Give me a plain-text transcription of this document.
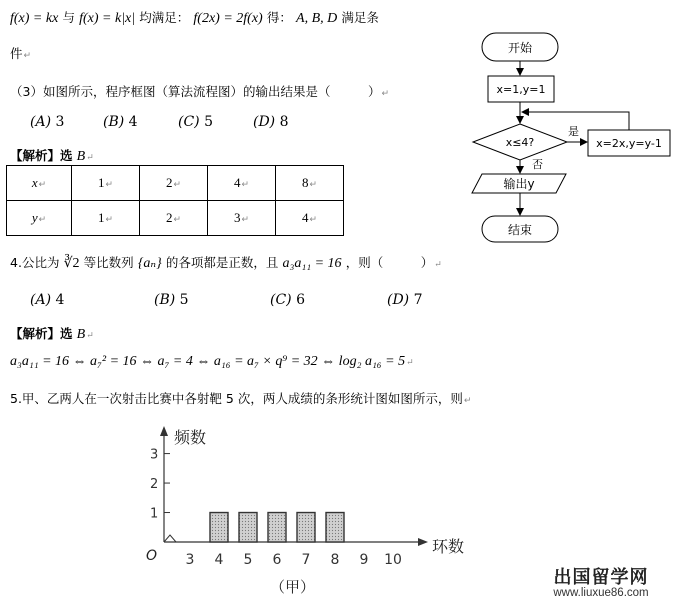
f(x) = kx 与 f(x) = k|x| 均满足： f(2x) = 2f(x) 得： A, B, D 满足条
件↵
（3）如图所示，程序框图（算法流程图）的输出结果是（　　　）↵
(A) 3	(B) 4	(C) 5	(D) 8
【解析】选 B↵
x↵	1↵	2↵	4↵	8↵
y↵	1↵	2↵	3↵	4↵
开始
x=1,y=1
x≤4?
是
x=2x,y=y-1
否
输出y
结束
4.公比为 ∛2 等比数列 {aₙ} 的各项都是正数，且 a₃a₁₁ = 16 ，则（　　　）↵
(A) 4	(B) 5	(C) 6	(D) 7
【解析】选 B↵
a₃a₁₁ = 16 ⇔ a₇² = 16 ⇔ a₇ = 4 ⇔ a₁₆ = a₇ × q⁹ = 32 ⇔ log₂ a₁₆ = 5↵
5.甲、乙两人在一次射击比赛中各射靶 5 次，两人成绩的条形统计图如图所示，则↵
频数
环数
O
（甲）
1
2
3
3 4 5 6 7 8 9 10
出国留学网
www.liuxue86.com
